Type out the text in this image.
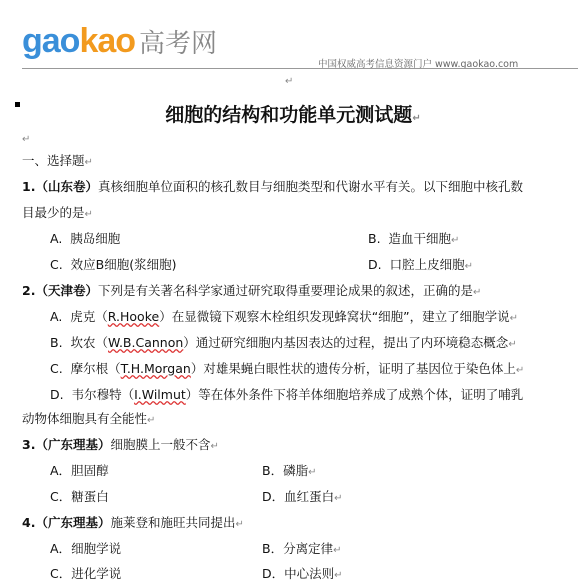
gaokao 高考网
中国权威高考信息资源门户 www.gaokao.com
↵
细胞的结构和功能单元测试题↵
↵
一、选择题↵
1.（山东卷）真核细胞单位面积的核孔数目与细胞类型和代谢水平有关。以下细胞中核孔数
目最少的是↵
A. 胰岛细胞	B. 造血干细胞↵
C. 效应B细胞(浆细胞)	D. 口腔上皮细胞↵
2.（天津卷）下列是有关著名科学家通过研究取得重要理论成果的叙述，正确的是↵
A. 虎克（R.Hooke）在显微镜下观察木栓组织发现蜂窝状“细胞”，建立了细胞学说↵
B. 坎农（W.B.Cannon）通过研究细胞内基因表达的过程，提出了内环境稳态概念↵
C. 摩尔根（T.H.Morgan）对雄果蝇白眼性状的遗传分析，证明了基因位于染色体上↵
D. 韦尔穆特（I.Wilmut）等在体外条件下将羊体细胞培养成了成熟个体，证明了哺乳
动物体细胞具有全能性↵
3.（广东理基）细胞膜上一般不含↵
A．胆固醇	B．磷脂↵
C．糖蛋白	D．血红蛋白↵
4.（广东理基）施莱登和施旺共同提出↵
A．细胞学说	B．分离定律↵
C．进化学说	D．中心法则↵
